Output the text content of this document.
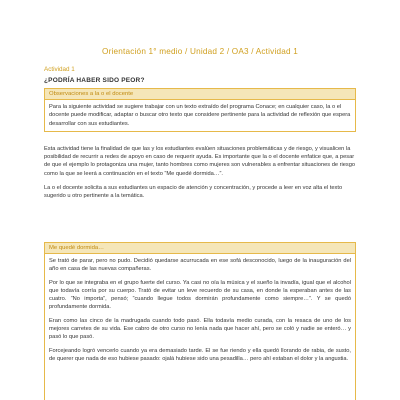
Orientación 1° medio / Unidad 2 / OA3 / Actividad 1
Actividad 1
¿PODRÍA HABER SIDO PEOR?
Observaciones a la o el docente
Para la siguiente actividad se sugiere trabajar con un texto extraído del programa Conace; en cualquier caso, la o el docente puede modificar, adaptar o buscar otro texto que considere pertinente para la actividad de reflexión que espera desarrollar con sus estudiantes.

Esta actividad tiene la finalidad de que las y los estudiantes evalúen situaciones problemáticas y de riesgo, y visualicen la posibilidad de recurrir a redes de apoyo en caso de requerir ayuda. Es importante que la o el docente enfatice que, a pesar de que el ejemplo lo protagoniza una mujer, tanto hombres como mujeres son vulnerables a enfrentar situaciones de riesgo como la que se leerá a continuación en el texto “Me quedé dormida…”.

La o el docente solicita a sus estudiantes un espacio de atención y concentración, y procede a leer en voz alta el texto sugerido u otro pertinente a la temática.

Me quedé dormida…

Se trató de parar, pero no pudo. Decidió quedarse acurrucada en ese sofá desconocido, luego de la inauguración del año en casa de las nuevas compañeras.

Por lo que se integraba en el grupo fuerte del curso. Ya casi no oía la música y el sueño la invadía, igual que el alcohol que todavía corría por su cuerpo. Trató de evitar un leve recuerdo de su casa, en donde la esperaban antes de las cuatro. “No importa”, pensó; “cuando llegue todos dormirán profundamente como siempre…”. Y se quedó profundamente dormida.

Eran como las cinco de la madrugada cuando todo pasó. Ella todavía medio curada, con la resaca de uno de los mejores carretes de su vida. Ese cabro de otro curso no lenía nada que hacer ahí, pero se coló y nadie se enteró… y pasó lo que pasó.

Forcejeando logró vencerlo cuando ya era demasiado tarde. El se fue riendo y ella quedó llorando de rabia, de susto, de querer que nada de eso hubiese pasado: ojalá hubiese sido una pesadilla… pero ahí estaban el dolor y la angustia.
